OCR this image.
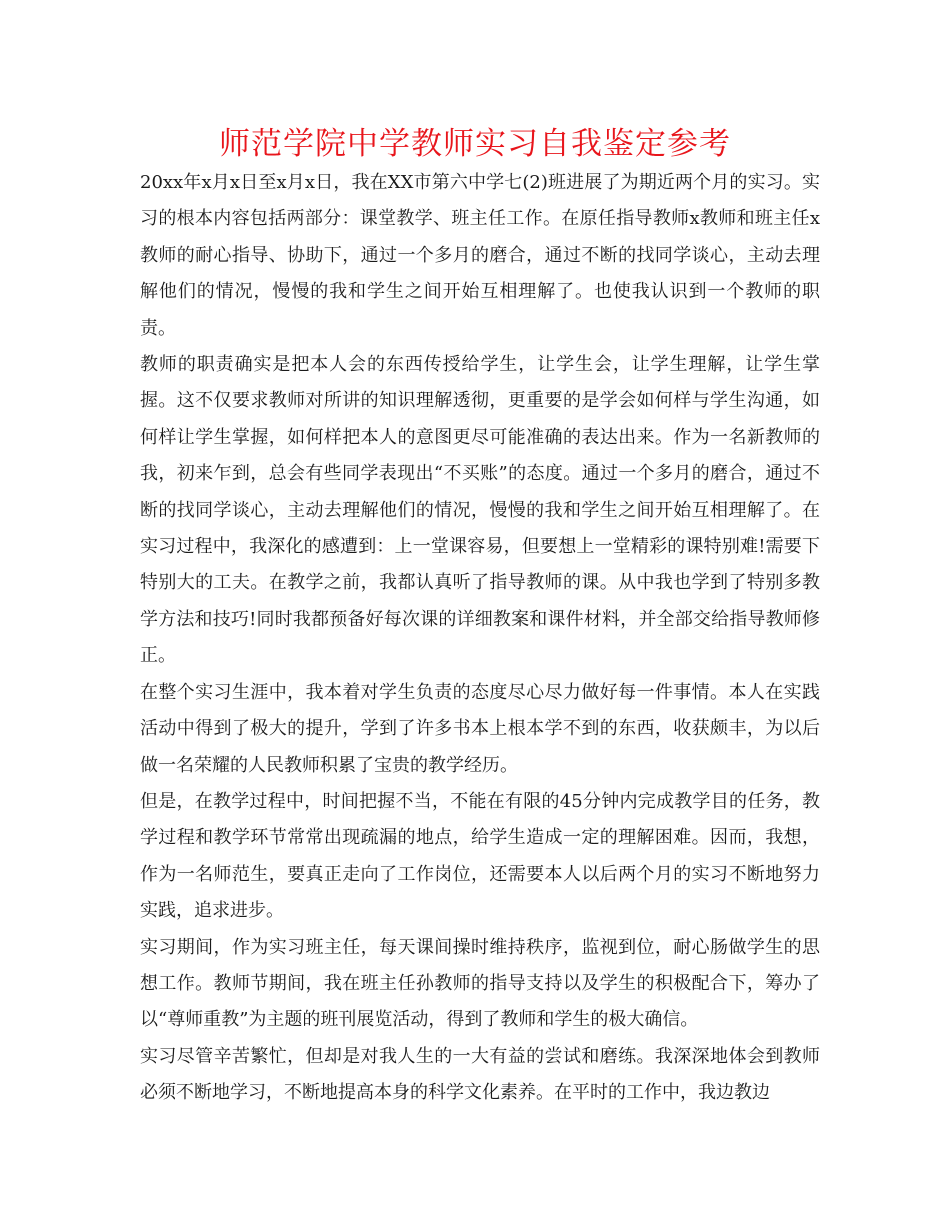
师范学院中学教师实习自我鉴定参考

20xx年x月x日至x月x日，我在XX市第六中学七(2)班进展了为期近两个月的实习。实习的根本内容包括两部分：课堂教学、班主任工作。在原任指导教师x教师和班主任x教师的耐心指导、协助下，通过一个多月的磨合，通过不断的找同学谈心，主动去理解他们的情况，慢慢的我和学生之间开始互相理解了。也使我认识到一个教师的职责。

教师的职责确实是把本人会的东西传授给学生，让学生会，让学生理解，让学生掌握。这不仅要求教师对所讲的知识理解透彻，更重要的是学会如何样与学生沟通，如何样让学生掌握，如何样把本人的意图更尽可能准确的表达出来。作为一名新教师的我，初来乍到，总会有些同学表现出“不买账”的态度。通过一个多月的磨合，通过不断的找同学谈心，主动去理解他们的情况，慢慢的我和学生之间开始互相理解了。在实习过程中，我深化的感遭到：上一堂课容易，但要想上一堂精彩的课特别难!需要下特别大的工夫。在教学之前，我都认真听了指导教师的课。从中我也学到了特别多教学方法和技巧!同时我都预备好每次课的详细教案和课件材料，并全部交给指导教师修正。

在整个实习生涯中，我本着对学生负责的态度尽心尽力做好每一件事情。本人在实践活动中得到了极大的提升，学到了许多书本上根本学不到的东西，收获颇丰，为以后做一名荣耀的人民教师积累了宝贵的教学经历。

但是，在教学过程中，时间把握不当，不能在有限的45分钟内完成教学目的任务，教学过程和教学环节常常出现疏漏的地点，给学生造成一定的理解困难。因而，我想，作为一名师范生，要真正走向了工作岗位，还需要本人以后两个月的实习不断地努力实践，追求进步。

实习期间，作为实习班主任，每天课间操时维持秩序，监视到位，耐心肠做学生的思想工作。教师节期间，我在班主任孙教师的指导支持以及学生的积极配合下，筹办了以“尊师重教”为主题的班刊展览活动，得到了教师和学生的极大确信。

实习尽管辛苦繁忙，但却是对我人生的一大有益的尝试和磨练。我深深地体会到教师必须不断地学习，不断地提高本身的科学文化素养。在平时的工作中，我边教边
